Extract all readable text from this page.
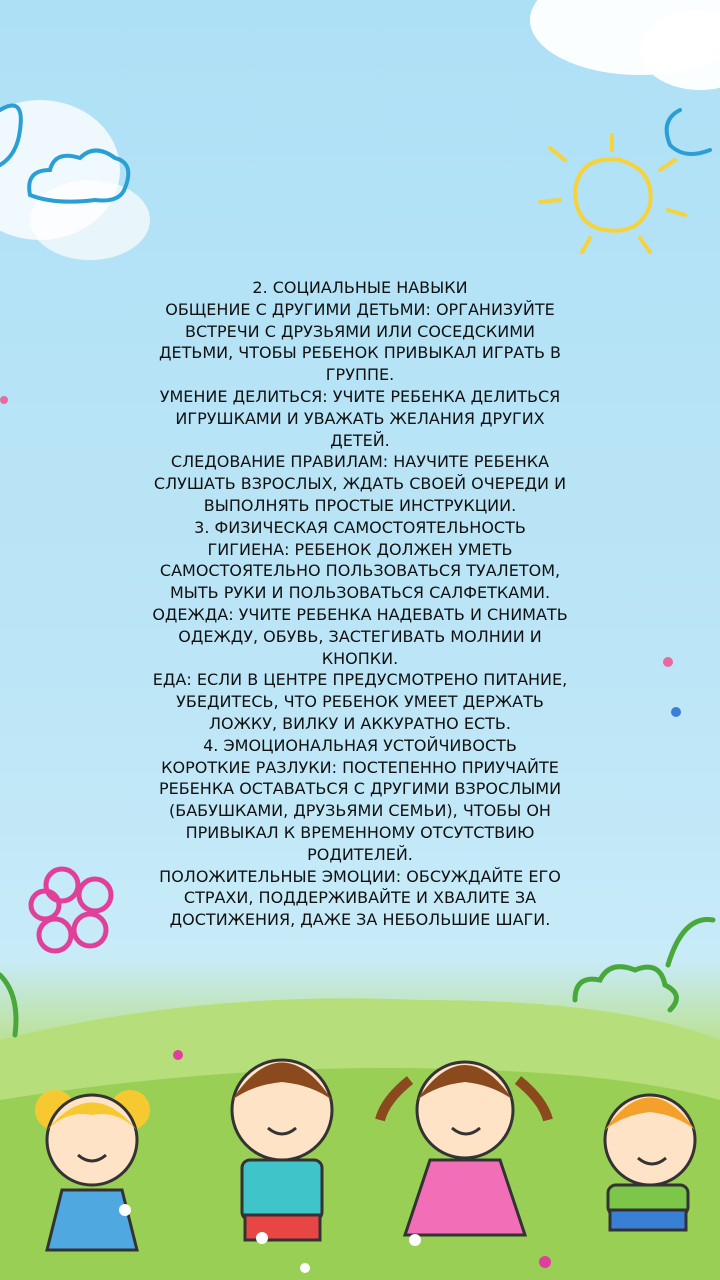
2. СОЦИАЛЬНЫЕ НАВЫКИ
ОБЩЕНИЕ С ДРУГИМИ ДЕТЬМИ: ОРГАНИЗУЙТЕ
ВСТРЕЧИ С ДРУЗЬЯМИ ИЛИ СОСЕДСКИМИ
ДЕТЬМИ, ЧТОБЫ РЕБЕНОК ПРИВЫКАЛ ИГРАТЬ В
ГРУППЕ.
УМЕНИЕ ДЕЛИТЬСЯ: УЧИТЕ РЕБЕНКА ДЕЛИТЬСЯ
ИГРУШКАМИ И УВАЖАТЬ ЖЕЛАНИЯ ДРУГИХ
ДЕТЕЙ.
СЛЕДОВАНИЕ ПРАВИЛАМ: НАУЧИТЕ РЕБЕНКА
СЛУШАТЬ ВЗРОСЛЫХ, ЖДАТЬ СВОЕЙ ОЧЕРЕДИ И
ВЫПОЛНЯТЬ ПРОСТЫЕ ИНСТРУКЦИИ.
3. ФИЗИЧЕСКАЯ САМОСТОЯТЕЛЬНОСТЬ
ГИГИЕНА: РЕБЕНОК ДОЛЖЕН УМЕТЬ
САМОСТОЯТЕЛЬНО ПОЛЬЗОВАТЬСЯ ТУАЛЕТОМ,
МЫТЬ РУКИ И ПОЛЬЗОВАТЬСЯ САЛФЕТКАМИ.
ОДЕЖДА: УЧИТЕ РЕБЕНКА НАДЕВАТЬ И СНИМАТЬ
ОДЕЖДУ, ОБУВЬ, ЗАСТЕГИВАТЬ МОЛНИИ И
КНОПКИ.
ЕДА: ЕСЛИ В ЦЕНТРЕ ПРЕДУСМОТРЕНО ПИТАНИЕ,
УБЕДИТЕСЬ, ЧТО РЕБЕНОК УМЕЕТ ДЕРЖАТЬ
ЛОЖКУ, ВИЛКУ И АККУРАТНО ЕСТЬ.
4. ЭМОЦИОНАЛЬНАЯ УСТОЙЧИВОСТЬ
КОРОТКИЕ РАЗЛУКИ: ПОСТЕПЕННО ПРИУЧАЙТЕ
РЕБЕНКА ОСТАВАТЬСЯ С ДРУГИМИ ВЗРОСЛЫМИ
(БАБУШКАМИ, ДРУЗЬЯМИ СЕМЬИ), ЧТОБЫ ОН
ПРИВЫКАЛ К ВРЕМЕННОМУ ОТСУТСТВИЮ
РОДИТЕЛЕЙ.
ПОЛОЖИТЕЛЬНЫЕ ЭМОЦИИ: ОБСУЖДАЙТЕ ЕГО
СТРАХИ, ПОДДЕРЖИВАЙТЕ И ХВАЛИТЕ ЗА
ДОСТИЖЕНИЯ, ДАЖЕ ЗА НЕБОЛЬШИЕ ШАГИ.
